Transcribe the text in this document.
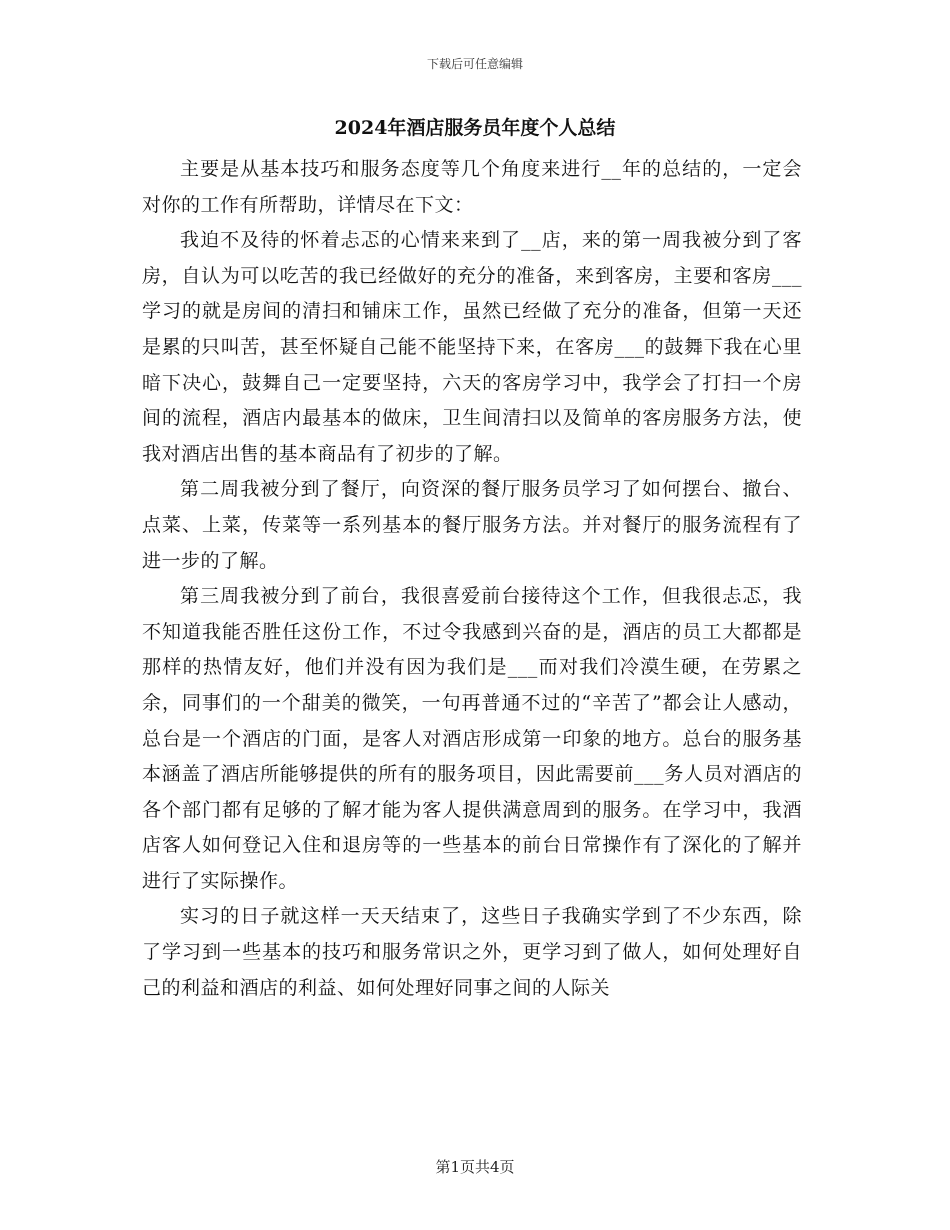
下载后可任意编辑
2024年酒店服务员年度个人总结

主要是从基本技巧和服务态度等几个角度来进行__年的总结的，一定会对你的工作有所帮助，详情尽在下文：

我迫不及待的怀着忐忑的心情来来到了__店，来的第一周我被分到了客房，自认为可以吃苦的我已经做好的充分的准备，来到客房，主要和客房___学习的就是房间的清扫和铺床工作，虽然已经做了充分的准备，但第一天还是累的只叫苦，甚至怀疑自己能不能坚持下来，在客房___的鼓舞下我在心里暗下决心，鼓舞自己一定要坚持，六天的客房学习中，我学会了打扫一个房间的流程，酒店内最基本的做床，卫生间清扫以及简单的客房服务方法，使我对酒店出售的基本商品有了初步的了解。

第二周我被分到了餐厅，向资深的餐厅服务员学习了如何摆台、撤台、点菜、上菜，传菜等一系列基本的餐厅服务方法。并对餐厅的服务流程有了进一步的了解。

第三周我被分到了前台，我很喜爱前台接待这个工作，但我很忐忑，我不知道我能否胜任这份工作，不过令我感到兴奋的是，酒店的员工大都都是那样的热情友好，他们并没有因为我们是___而对我们冷漠生硬，在劳累之余，同事们的一个甜美的微笑，一句再普通不过的“辛苦了”都会让人感动，总台是一个酒店的门面，是客人对酒店形成第一印象的地方。总台的服务基本涵盖了酒店所能够提供的所有的服务项目，因此需要前___务人员对酒店的各个部门都有足够的了解才能为客人提供满意周到的服务。在学习中，我酒店客人如何登记入住和退房等的一些基本的前台日常操作有了深化的了解并进行了实际操作。

实习的日子就这样一天天结束了，这些日子我确实学到了不少东西，除了学习到一些基本的技巧和服务常识之外，更学习到了做人，如何处理好自己的利益和酒店的利益、如何处理好同事之间的人际关

第1页共4页
